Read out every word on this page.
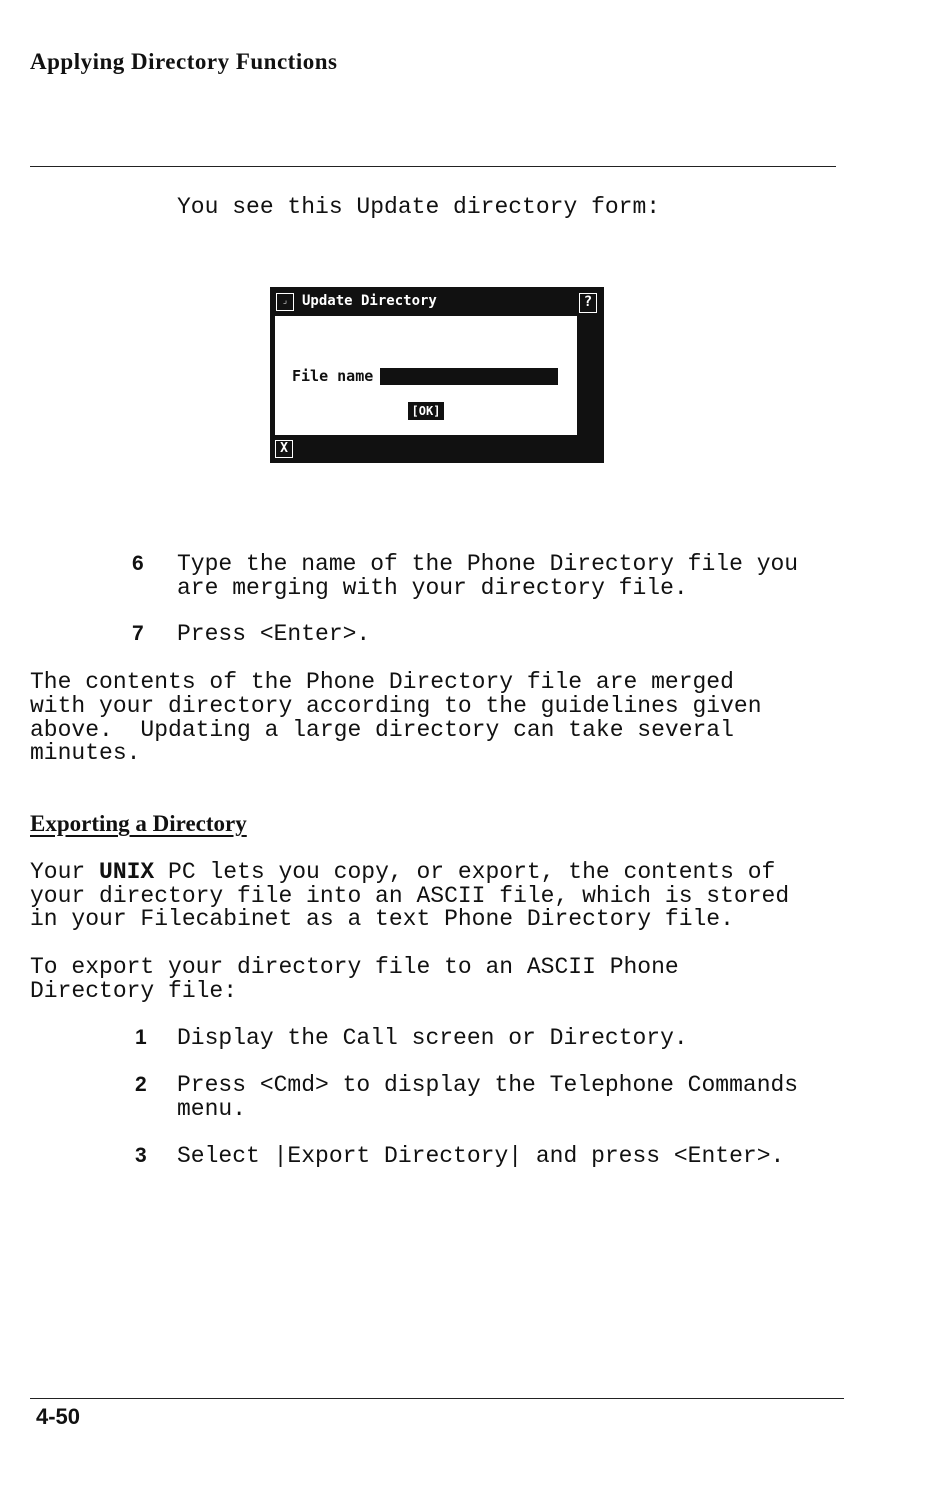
Applying Directory Functions
You see this Update directory form:
⌟	Update Directory	?
X
File name
[OK]
6 Type the name of the Phone Directory file you
are merging with your directory file.
7 Press <Enter>.
The contents of the Phone Directory file are merged
with your directory according to the guidelines given
above.  Updating a large directory can take several
minutes.
Exporting a Directory
Your UNIX PC lets you copy, or export, the contents of
your directory file into an ASCII file, which is stored
in your Filecabinet as a text Phone Directory file.
To export your directory file to an ASCII Phone
Directory file:
1 Display the Call screen or Directory.
2 Press <Cmd> to display the Telephone Commands
menu.
3 Select |Export Directory| and press <Enter>.
4-50
